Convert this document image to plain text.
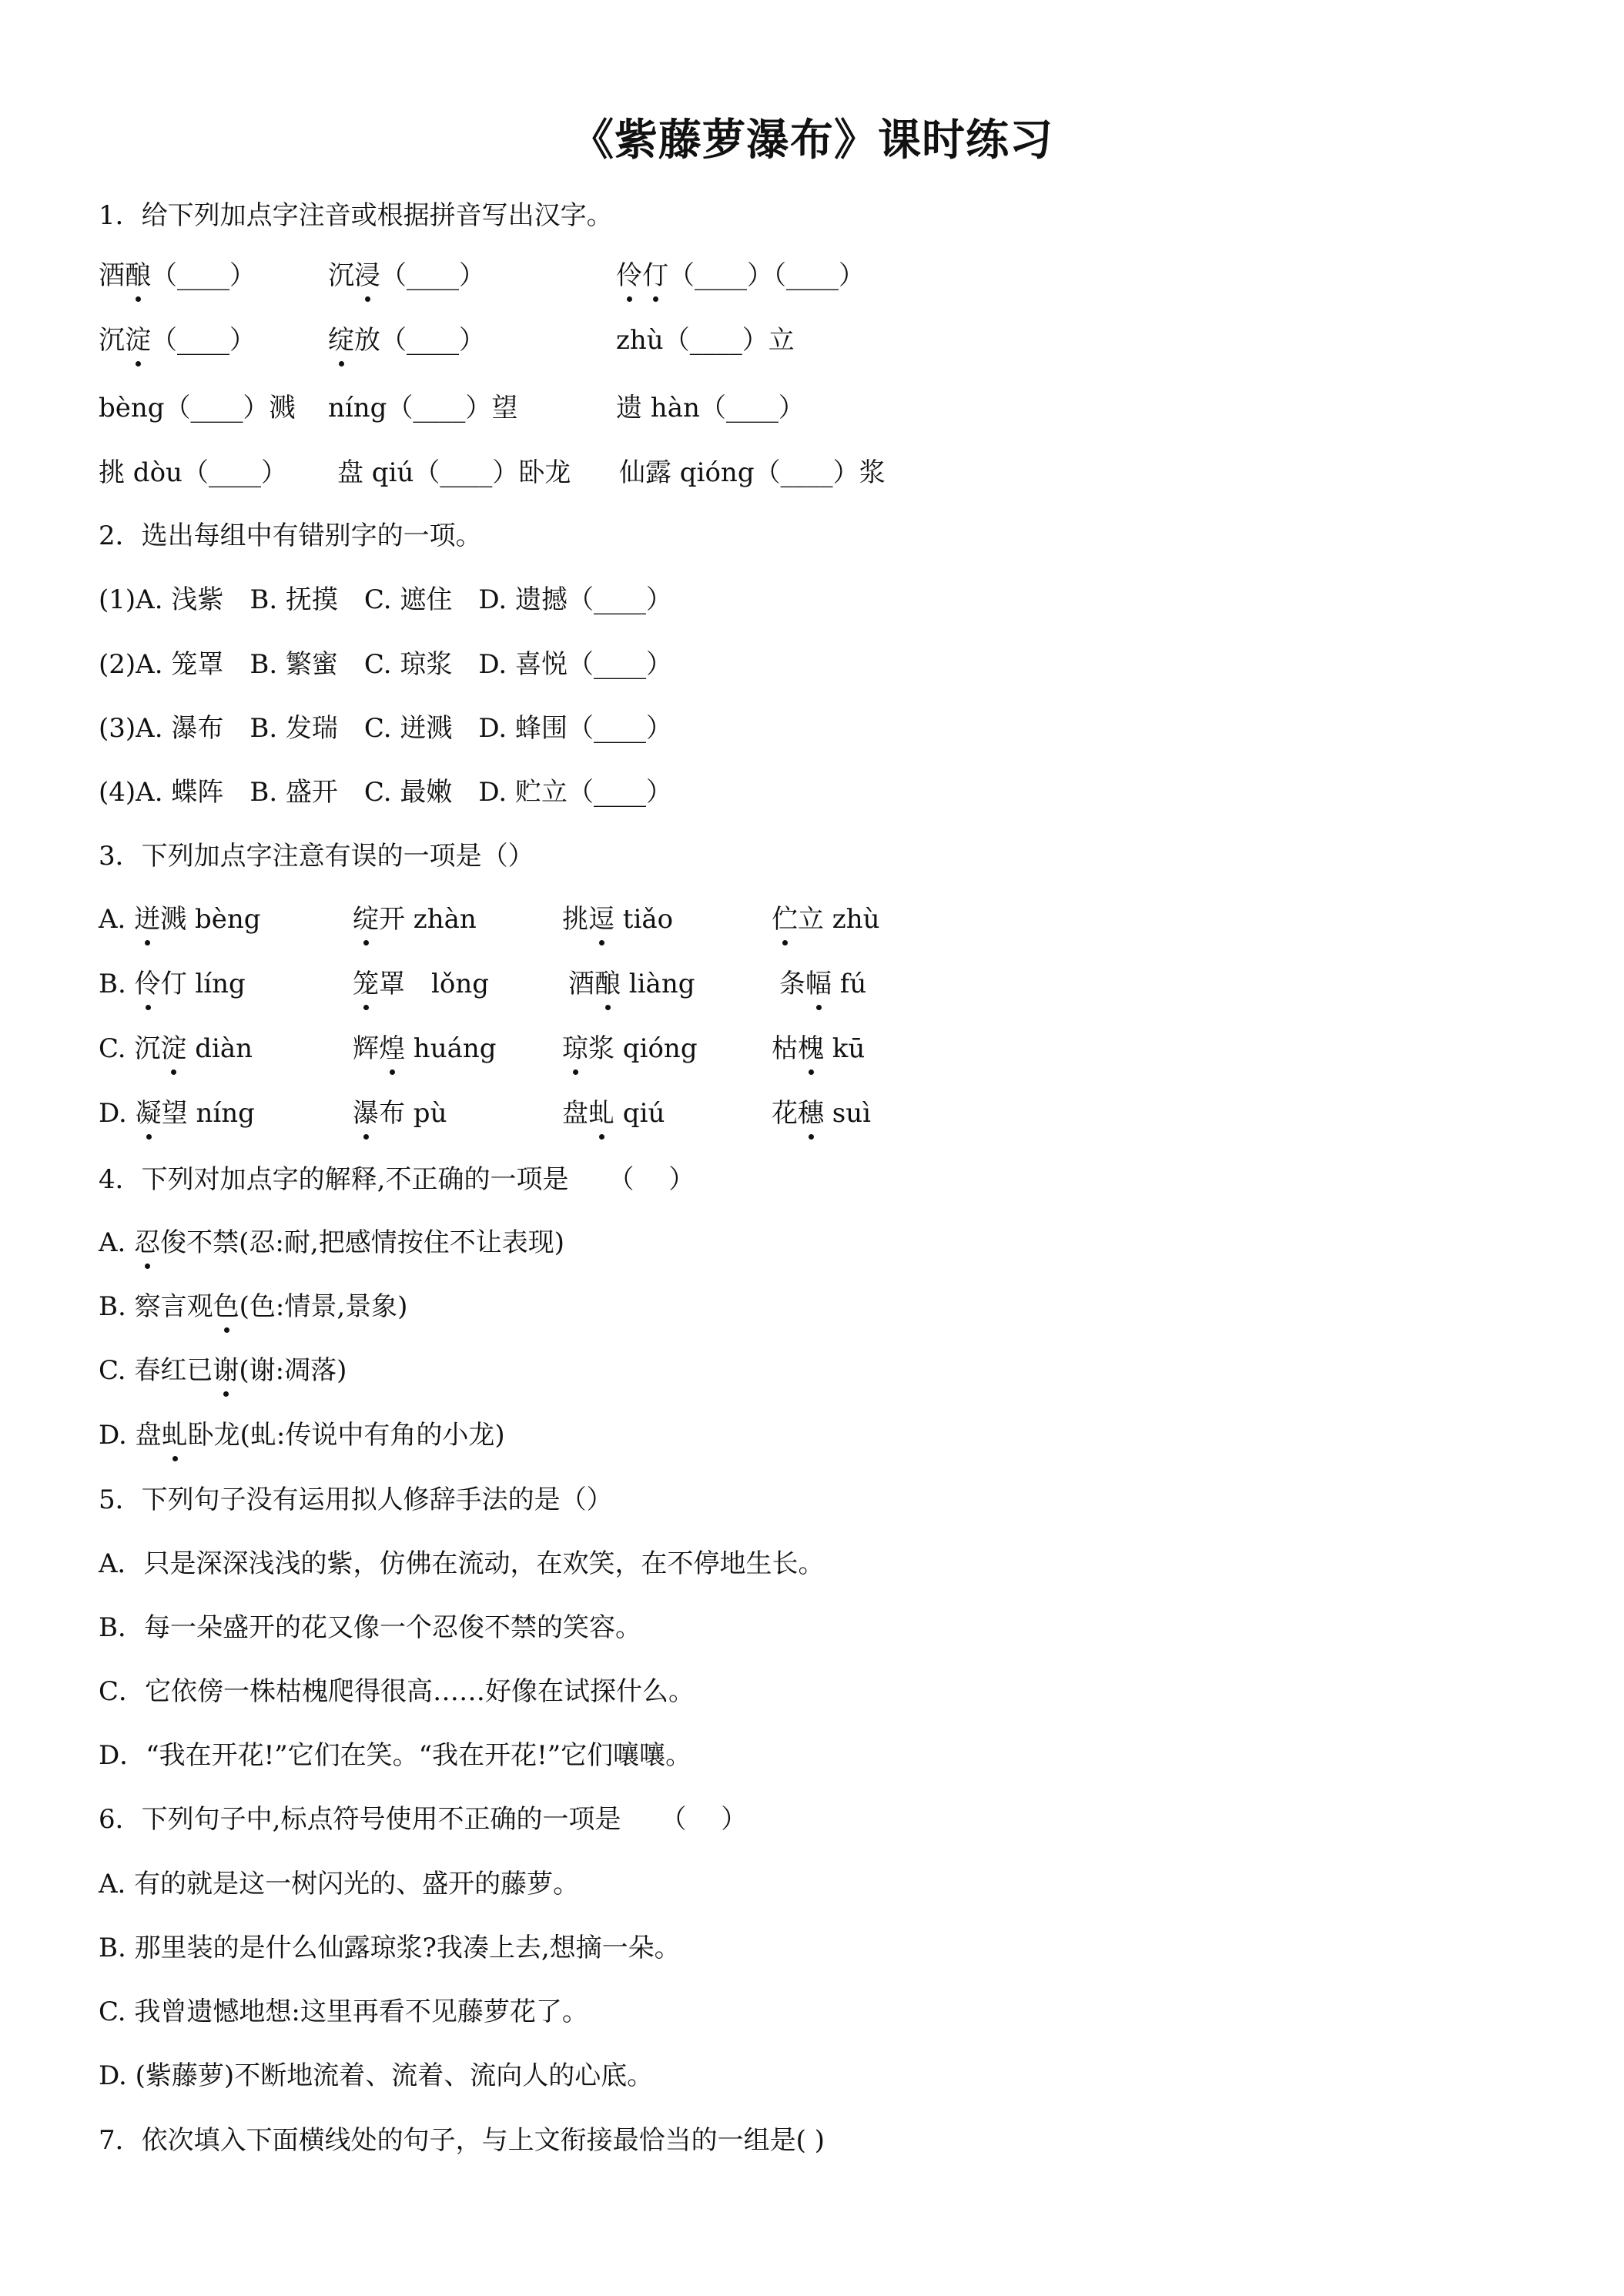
《紫藤萝瀑布》课时练习
1．给下列加点字注音或根据拼音写出汉字。
酒酿（____）	沉浸（____）	伶仃（____）（____）
沉淀（____）	绽放（____）	zhù（____）立
bèng（____）溅 níng（____）望	遗 hàn（____）
挑 dòu（____） 盘 qiú（____）卧龙 仙露 qióng（____）浆
2．选出每组中有错别字的一项。
(1)A. 浅紫　B. 抚摸　C. 遮住　D. 遗撼（____）
(2)A. 笼罩　B. 繁蜜　C. 琼浆　D. 喜悦（____）
(3)A. 瀑布　B. 发瑞　C. 迸溅　D. 蜂围（____）
(4)A. 蝶阵　B. 盛开　C. 最嫩　D. 贮立（____）
3．下列加点字注意有误的一项是（）
A. 迸溅 bèng	绽开 zhàn	挑逗 tiǎo	伫立 zhù
B. 伶仃 líng	笼罩　lǒng	酒酿 liàng	条幅 fú
C. 沉淀 diàn	辉煌 huáng	琼浆 qióng	枯槐 kū
D. 凝望 níng	瀑布 pù	盘虬 qiú	花穗 suì
4．下列对加点字的解释,不正确的一项是　　（　 ）
A. 忍俊不禁(忍:耐,把感情按住不让表现)
B. 察言观色(色:情景,景象)
C. 春红已谢(谢:凋落)
D. 盘虬卧龙(虬:传说中有角的小龙)
5．下列句子没有运用拟人修辞手法的是（）
A．只是深深浅浅的紫，仿佛在流动，在欢笑，在不停地生长。
B．每一朵盛开的花又像一个忍俊不禁的笑容。
C．它依傍一株枯槐爬得很高……好像在试探什么。
D．“我在开花!”它们在笑。“我在开花!”它们嚷嚷。
6．下列句子中,标点符号使用不正确的一项是　　（　 ）
A. 有的就是这一树闪光的、盛开的藤萝。
B. 那里装的是什么仙露琼浆?我凑上去,想摘一朵。
C. 我曾遗憾地想:这里再看不见藤萝花了。
D. (紫藤萝)不断地流着、流着、流向人的心底。
7．依次填入下面横线处的句子，与上文衔接最恰当的一组是( )
